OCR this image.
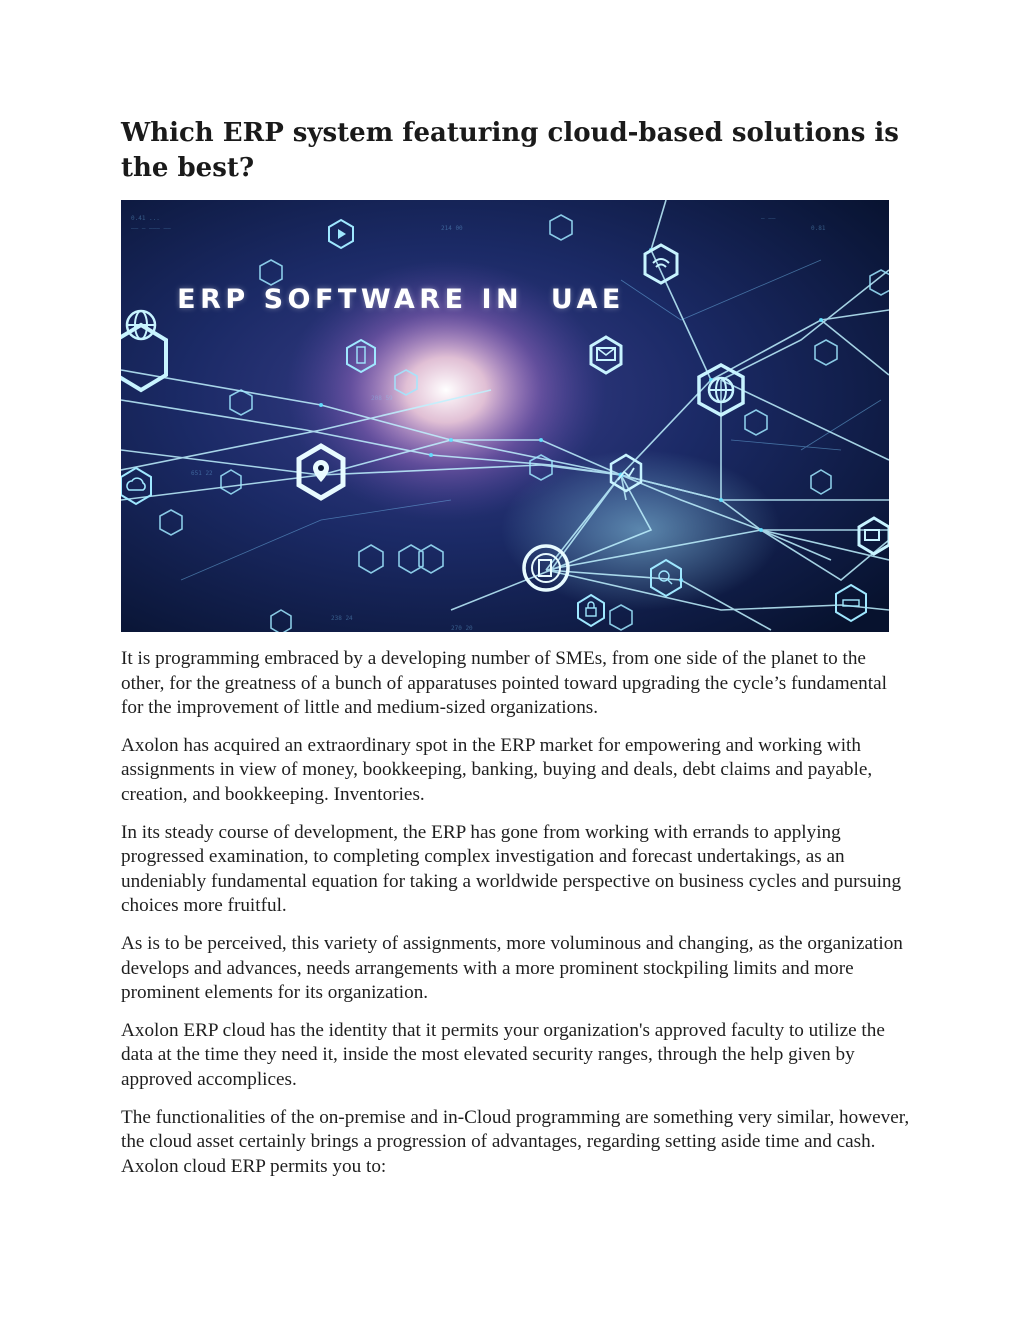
Which ERP system featuring cloud-based solutions is the best?
0.41 ...
—— — ——— ——	214 00
208 59
651 22
238 24
270 20
— ——
0.81
ERP SOFTWARE IN  UAE

It is programming embraced by a developing number of SMEs, from one side of the planet to the other, for the greatness of a bunch of apparatuses pointed toward upgrading the cycle’s fundamental for the improvement of little and medium-sized organizations.

Axolon has acquired an extraordinary spot in the ERP market for empowering and working with assignments in view of money, bookkeeping, banking, buying and deals, debt claims and payable, creation, and bookkeeping. Inventories.

In its steady course of development, the ERP has gone from working with errands to applying progressed examination, to completing complex investigation and forecast undertakings, as an undeniably fundamental equation for taking a worldwide perspective on business cycles and pursuing choices more fruitful.

As is to be perceived, this variety of assignments, more voluminous and changing, as the organization develops and advances, needs arrangements with a more prominent stockpiling limits and more prominent elements for its organization.

Axolon ERP cloud has the identity that it permits your organization's approved faculty to utilize the data at the time they need it, inside the most elevated security ranges, through the help given by approved accomplices.

The functionalities of the on-premise and in-Cloud programming are something very similar, however, the cloud asset certainly brings a progression of advantages, regarding setting aside time and cash. Axolon cloud ERP permits you to:
